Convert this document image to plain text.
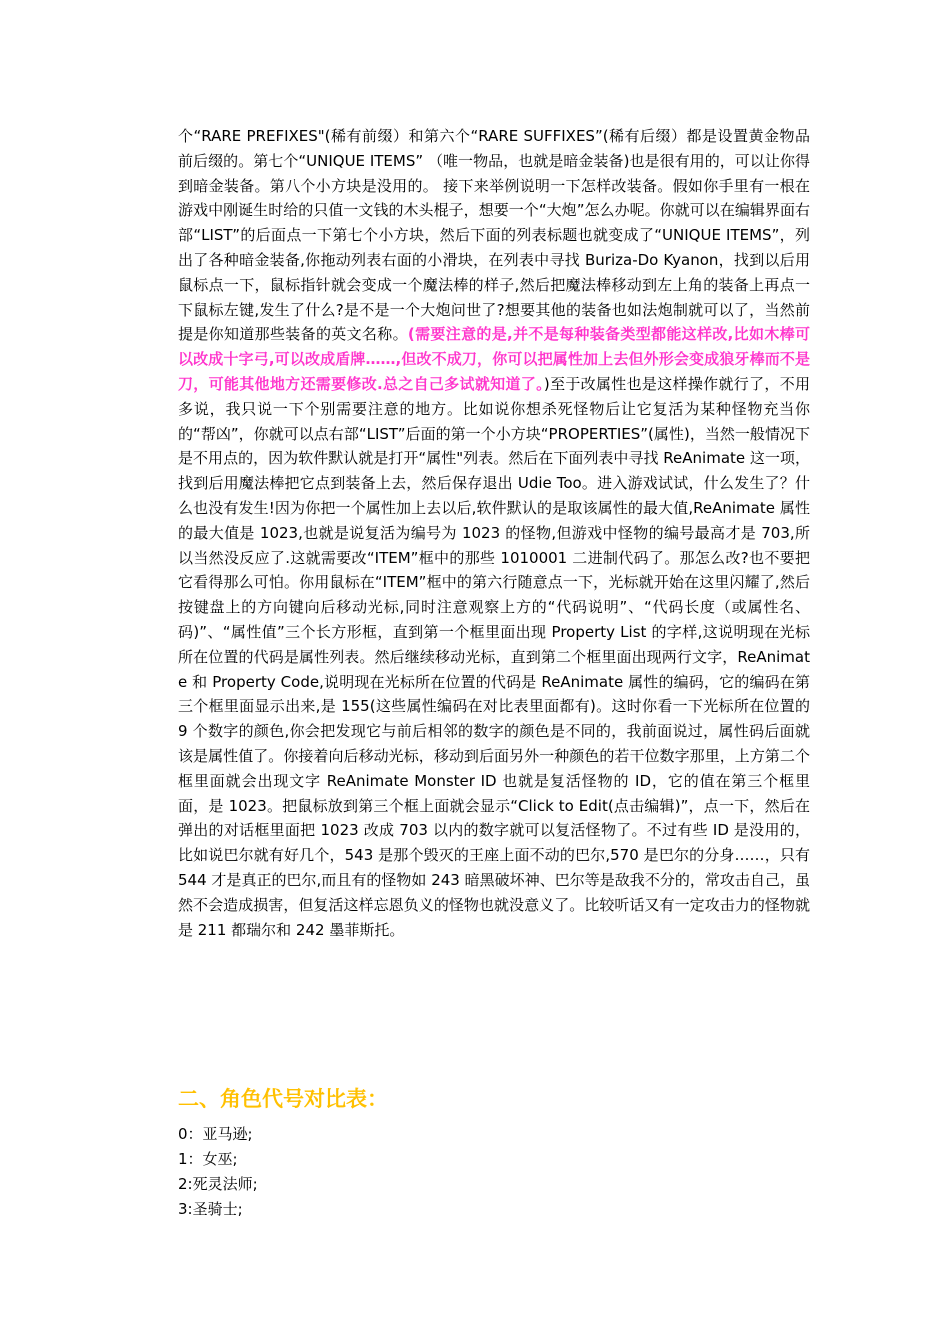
个“RARE PREFIXES"(稀有前缀）和第六个“RARE SUFFIXES”(稀有后缀）都是设置黄金物品前后缀的。第七个“UNIQUE ITEMS” （唯一物品，也就是暗金装备)也是很有用的，可以让你得到暗金装备。第八个小方块是没用的。 接下来举例说明一下怎样改装备。假如你手里有一根在游戏中刚诞生时给的只值一文钱的木头棍子，想要一个“大炮”怎么办呢。你就可以在编辑界面右部“LIST”的后面点一下第七个小方块，然后下面的列表标题也就变成了“UNIQUE ITEMS”，列出了各种暗金装备,你拖动列表右面的小滑块，在列表中寻找 Buriza-Do Kyanon，找到以后用鼠标点一下，鼠标指针就会变成一个魔法棒的样子,然后把魔法棒移动到左上角的装备上再点一下鼠标左键,发生了什么?是不是一个大炮问世了?想要其他的装备也如法炮制就可以了，当然前提是你知道那些装备的英文名称。(需要注意的是,并不是每种装备类型都能这样改,比如木棒可以改成十字弓,可以改成盾牌……,但改不成刀，你可以把属性加上去但外形会变成狼牙棒而不是刀，可能其他地方还需要修改.总之自己多试就知道了。)至于改属性也是这样操作就行了，不用多说，我只说一下个别需要注意的地方。比如说你想杀死怪物后让它复活为某种怪物充当你的“帮凶”，你就可以点右部“LIST”后面的第一个小方块“PROPERTIES”(属性)，当然一般情况下是不用点的，因为软件默认就是打开“属性"列表。然后在下面列表中寻找 ReAnimate 这一项，找到后用魔法棒把它点到装备上去，然后保存退出 Udie Too。进入游戏试试，什么发生了？什么也没有发生!因为你把一个属性加上去以后,软件默认的是取该属性的最大值,ReAnimate 属性的最大值是 1023,也就是说复活为编号为 1023 的怪物,但游戏中怪物的编号最高才是 703,所以当然没反应了.这就需要改“ITEM”框中的那些 1010001 二进制代码了。那怎么改?也不要把它看得那么可怕。你用鼠标在“ITEM”框中的第六行随意点一下，光标就开始在这里闪耀了,然后按键盘上的方向键向后移动光标,同时注意观察上方的“代码说明”、“代码长度（或属性名、码)”、“属性值”三个长方形框，直到第一个框里面出现 Property List 的字样,这说明现在光标所在位置的代码是属性列表。然后继续移动光标，直到第二个框里面出现两行文字，ReAnimate 和 Property Code,说明现在光标所在位置的代码是 ReAnimate 属性的编码，它的编码在第三个框里面显示出来,是 155(这些属性编码在对比表里面都有)。这时你看一下光标所在位置的 9 个数字的颜色,你会把发现它与前后相邻的数字的颜色是不同的，我前面说过，属性码后面就该是属性值了。你接着向后移动光标，移动到后面另外一种颜色的若干位数字那里，上方第二个框里面就会出现文字 ReAnimate Monster ID 也就是复活怪物的 ID，它的值在第三个框里面，是 1023。把鼠标放到第三个框上面就会显示“Click to Edit(点击编辑)”，点一下，然后在弹出的对话框里面把 1023 改成 703 以内的数字就可以复活怪物了。不过有些 ID 是没用的，比如说巴尔就有好几个，543 是那个毁灭的王座上面不动的巴尔,570 是巴尔的分身……，只有 544 才是真正的巴尔,而且有的怪物如 243 暗黑破坏神、巴尔等是敌我不分的，常攻击自己，虽然不会造成损害，但复活这样忘恩负义的怪物也就没意义了。比较听话又有一定攻击力的怪物就是 211 都瑞尔和 242 墨菲斯托。

二、角色代号对比表：
0：亚马逊;
1：女巫;
2:死灵法师;
3:圣骑士;
